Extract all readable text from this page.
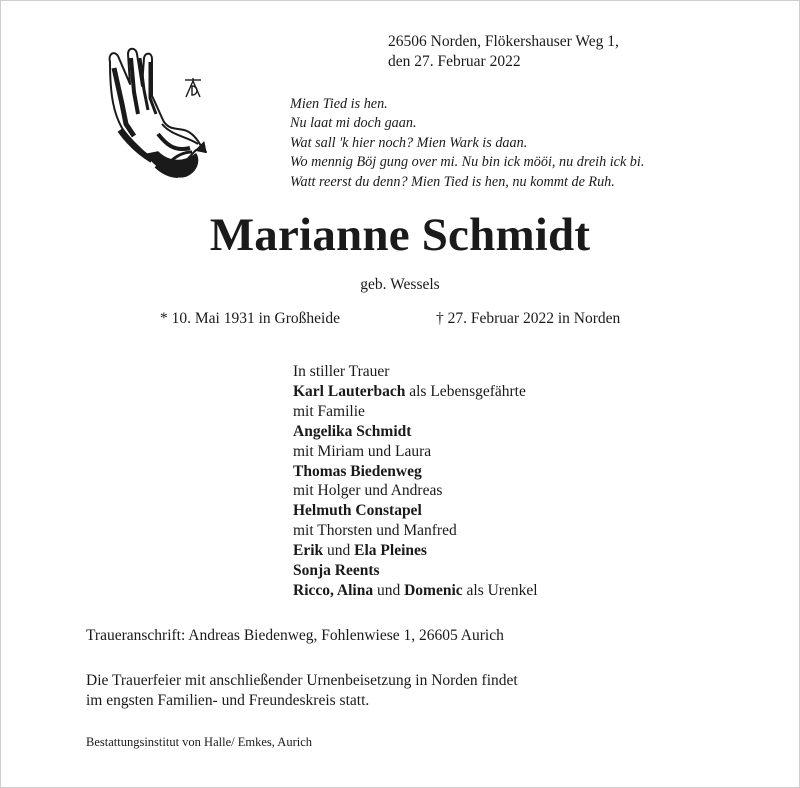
26506 Norden, Flökershauser Weg 1,
den 27. Februar 2022
Mien Tied is hen.
Nu laat mi doch gaan.
Wat sall 'k hier noch? Mien Wark is daan.
Wo mennig Böj gung over mi. Nu bin ick mööi, nu dreih ick bi.
Watt reerst du denn? Mien Tied is hen, nu kommt de Ruh.
Marianne Schmidt
geb. Wessels
* 10. Mai 1931 in Großheide	† 27. Februar 2022 in Norden
In stiller Trauer
Karl Lauterbach als Lebensgefährte
mit Familie
Angelika Schmidt
mit Miriam und Laura
Thomas Biedenweg
mit Holger und Andreas
Helmuth Constapel
mit Thorsten und Manfred
Erik und Ela Pleines
Sonja Reents
Ricco, Alina und Domenic als Urenkel
Traueranschrift: Andreas Biedenweg, Fohlenwiese 1, 26605 Aurich
Die Trauerfeier mit anschließender Urnenbeisetzung in Norden findet
im engsten Familien- und Freundeskreis statt.
Bestattungsinstitut von Halle/ Emkes, Aurich
